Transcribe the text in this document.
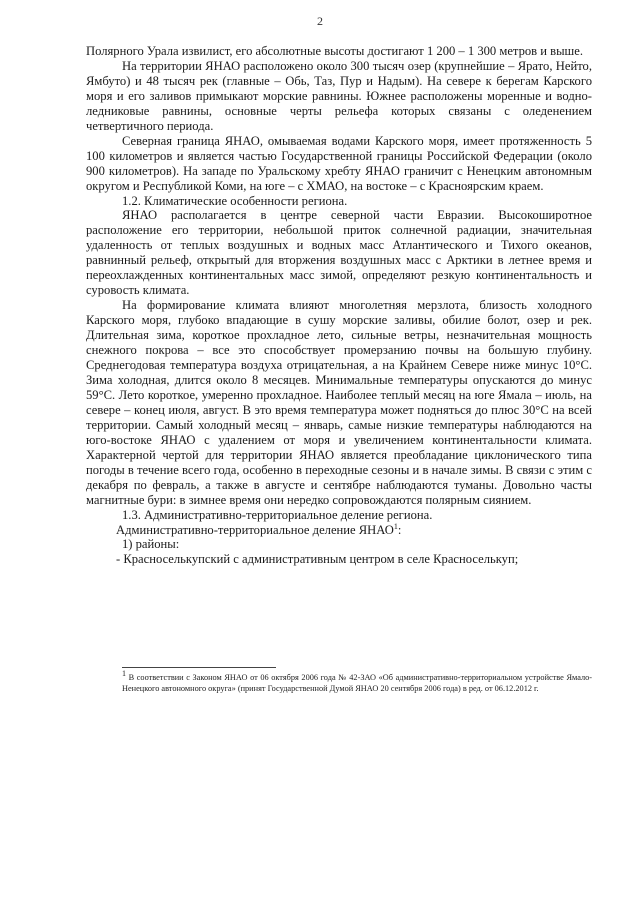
2

Полярного Урала извилист, его абсолютные высоты достигают 1 200 – 1 300 метров и выше.

На территории ЯНАО расположено около 300 тысяч озер (крупнейшие – Ярато, Нейто, Ямбуто) и 48 тысяч рек (главные – Обь, Таз, Пур и Надым). На севере к берегам Карского моря и его заливов примыкают морские равнины. Южнее расположены моренные и водно-ледниковые равнины, основные черты рельефа которых связаны с оледенением четвертичного периода.

Северная граница ЯНАО, омываемая водами Карского моря, имеет протяженность 5 100 километров и является частью Государственной границы Российской Федерации (около 900 километров). На западе по Уральскому хребту ЯНАО граничит с Ненецким автономным округом и Республикой Коми, на юге – с ХМАО, на востоке – с Красноярским краем.

1.2. Климатические особенности региона.

ЯНАО располагается в центре северной части Евразии. Высокоширотное расположение его территории, небольшой приток солнечной радиации, значительная удаленность от теплых воздушных и водных масс Атлантического и Тихого океанов, равнинный рельеф, открытый для вторжения воздушных масс с Арктики в летнее время и переохлажденных континентальных масс зимой, определяют резкую континентальность и суровость климата.

На формирование климата влияют многолетняя мерзлота, близость холодного Карского моря, глубоко впадающие в сушу морские заливы, обилие болот, озер и рек. Длительная зима, короткое прохладное лето, сильные ветры, незначительная мощность снежного покрова – все это способствует промерзанию почвы на большую глубину. Среднегодовая температура воздуха отрицательная, а на Крайнем Севере ниже минус 10°С. Зима холодная, длится около 8 месяцев. Минимальные температуры опускаются до минус 59°С. Лето короткое, умеренно прохладное. Наиболее теплый месяц на юге Ямала – июль, на севере – конец июля, август. В это время температура может подняться до плюс 30°С на всей территории. Самый холодный месяц – январь, самые низкие температуры наблюдаются на юго-востоке ЯНАО с удалением от моря и увеличением континентальности климата. Характерной чертой для территории ЯНАО является преобладание циклонического типа погоды в течение всего года, особенно в переходные сезоны и в начале зимы. В связи с этим с декабря по февраль, а также в августе и сентябре наблюдаются туманы. Довольно часты магнитные бури: в зимнее время они нередко сопровождаются полярным сиянием.

1.3. Административно-территориальное деление региона.

Административно-территориальное деление ЯНАО$^1$:

1) районы:

- Красноселькупский с административным центром в селе Красноселькуп;

$^1$ В соответствии с Законом ЯНАО от 06 октября 2006 года № 42-ЗАО «Об административно-территориальном устройстве Ямало-Ненецкого автономного округа» (принят Государственной Думой ЯНАО 20 сентября 2006 года) в ред. от 06.12.2012 г.
